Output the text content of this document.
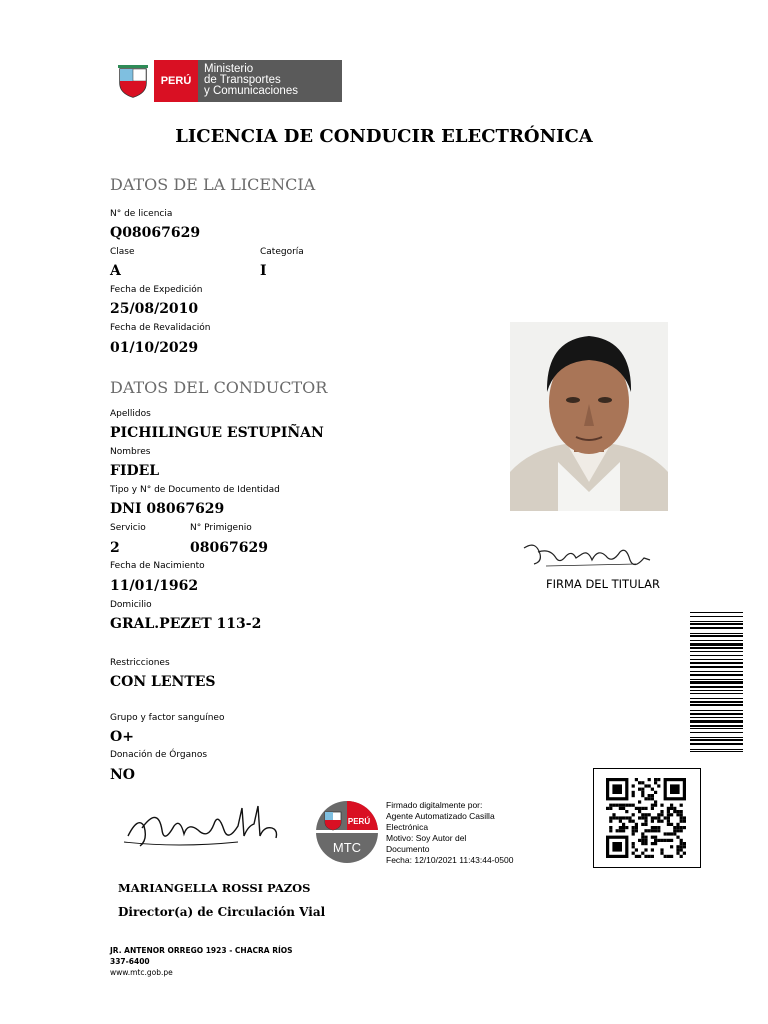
PERÚ
Ministerio
de Transportes
y Comunicaciones
LICENCIA DE CONDUCIR ELECTRÓNICA
DATOS DE LA LICENCIA
N° de licencia
Q08067629
Clase
A
Categoría
I
Fecha de Expedición
25/08/2010
Fecha de Revalidación
01/10/2029
DATOS DEL CONDUCTOR
Apellidos
PICHILINGUE ESTUPIÑAN
Nombres
FIDEL
Tipo y N° de Documento de Identidad
DNI 08067629
Servicio
2
N° Primigenio
08067629
Fecha de Nacimiento
11/01/1962
Domicilio
GRAL.PEZET 113-2
Restricciones
CON LENTES
Grupo y factor sanguíneo
O+
Donación de Órganos
NO
FIRMA DEL TITULAR
MARIANGELLA ROSSI PAZOS
Director(a) de Circulación Vial
PERÚ
MTC
Firmado digitalmente por:
Agente Automatizado Casilla
Electrónica
Motivo: Soy Autor del
Documento
Fecha: 12/10/2021 11:43:44-0500
JR. ANTENOR ORREGO 1923 - CHACRA RÍOS
337-6400
www.mtc.gob.pe
